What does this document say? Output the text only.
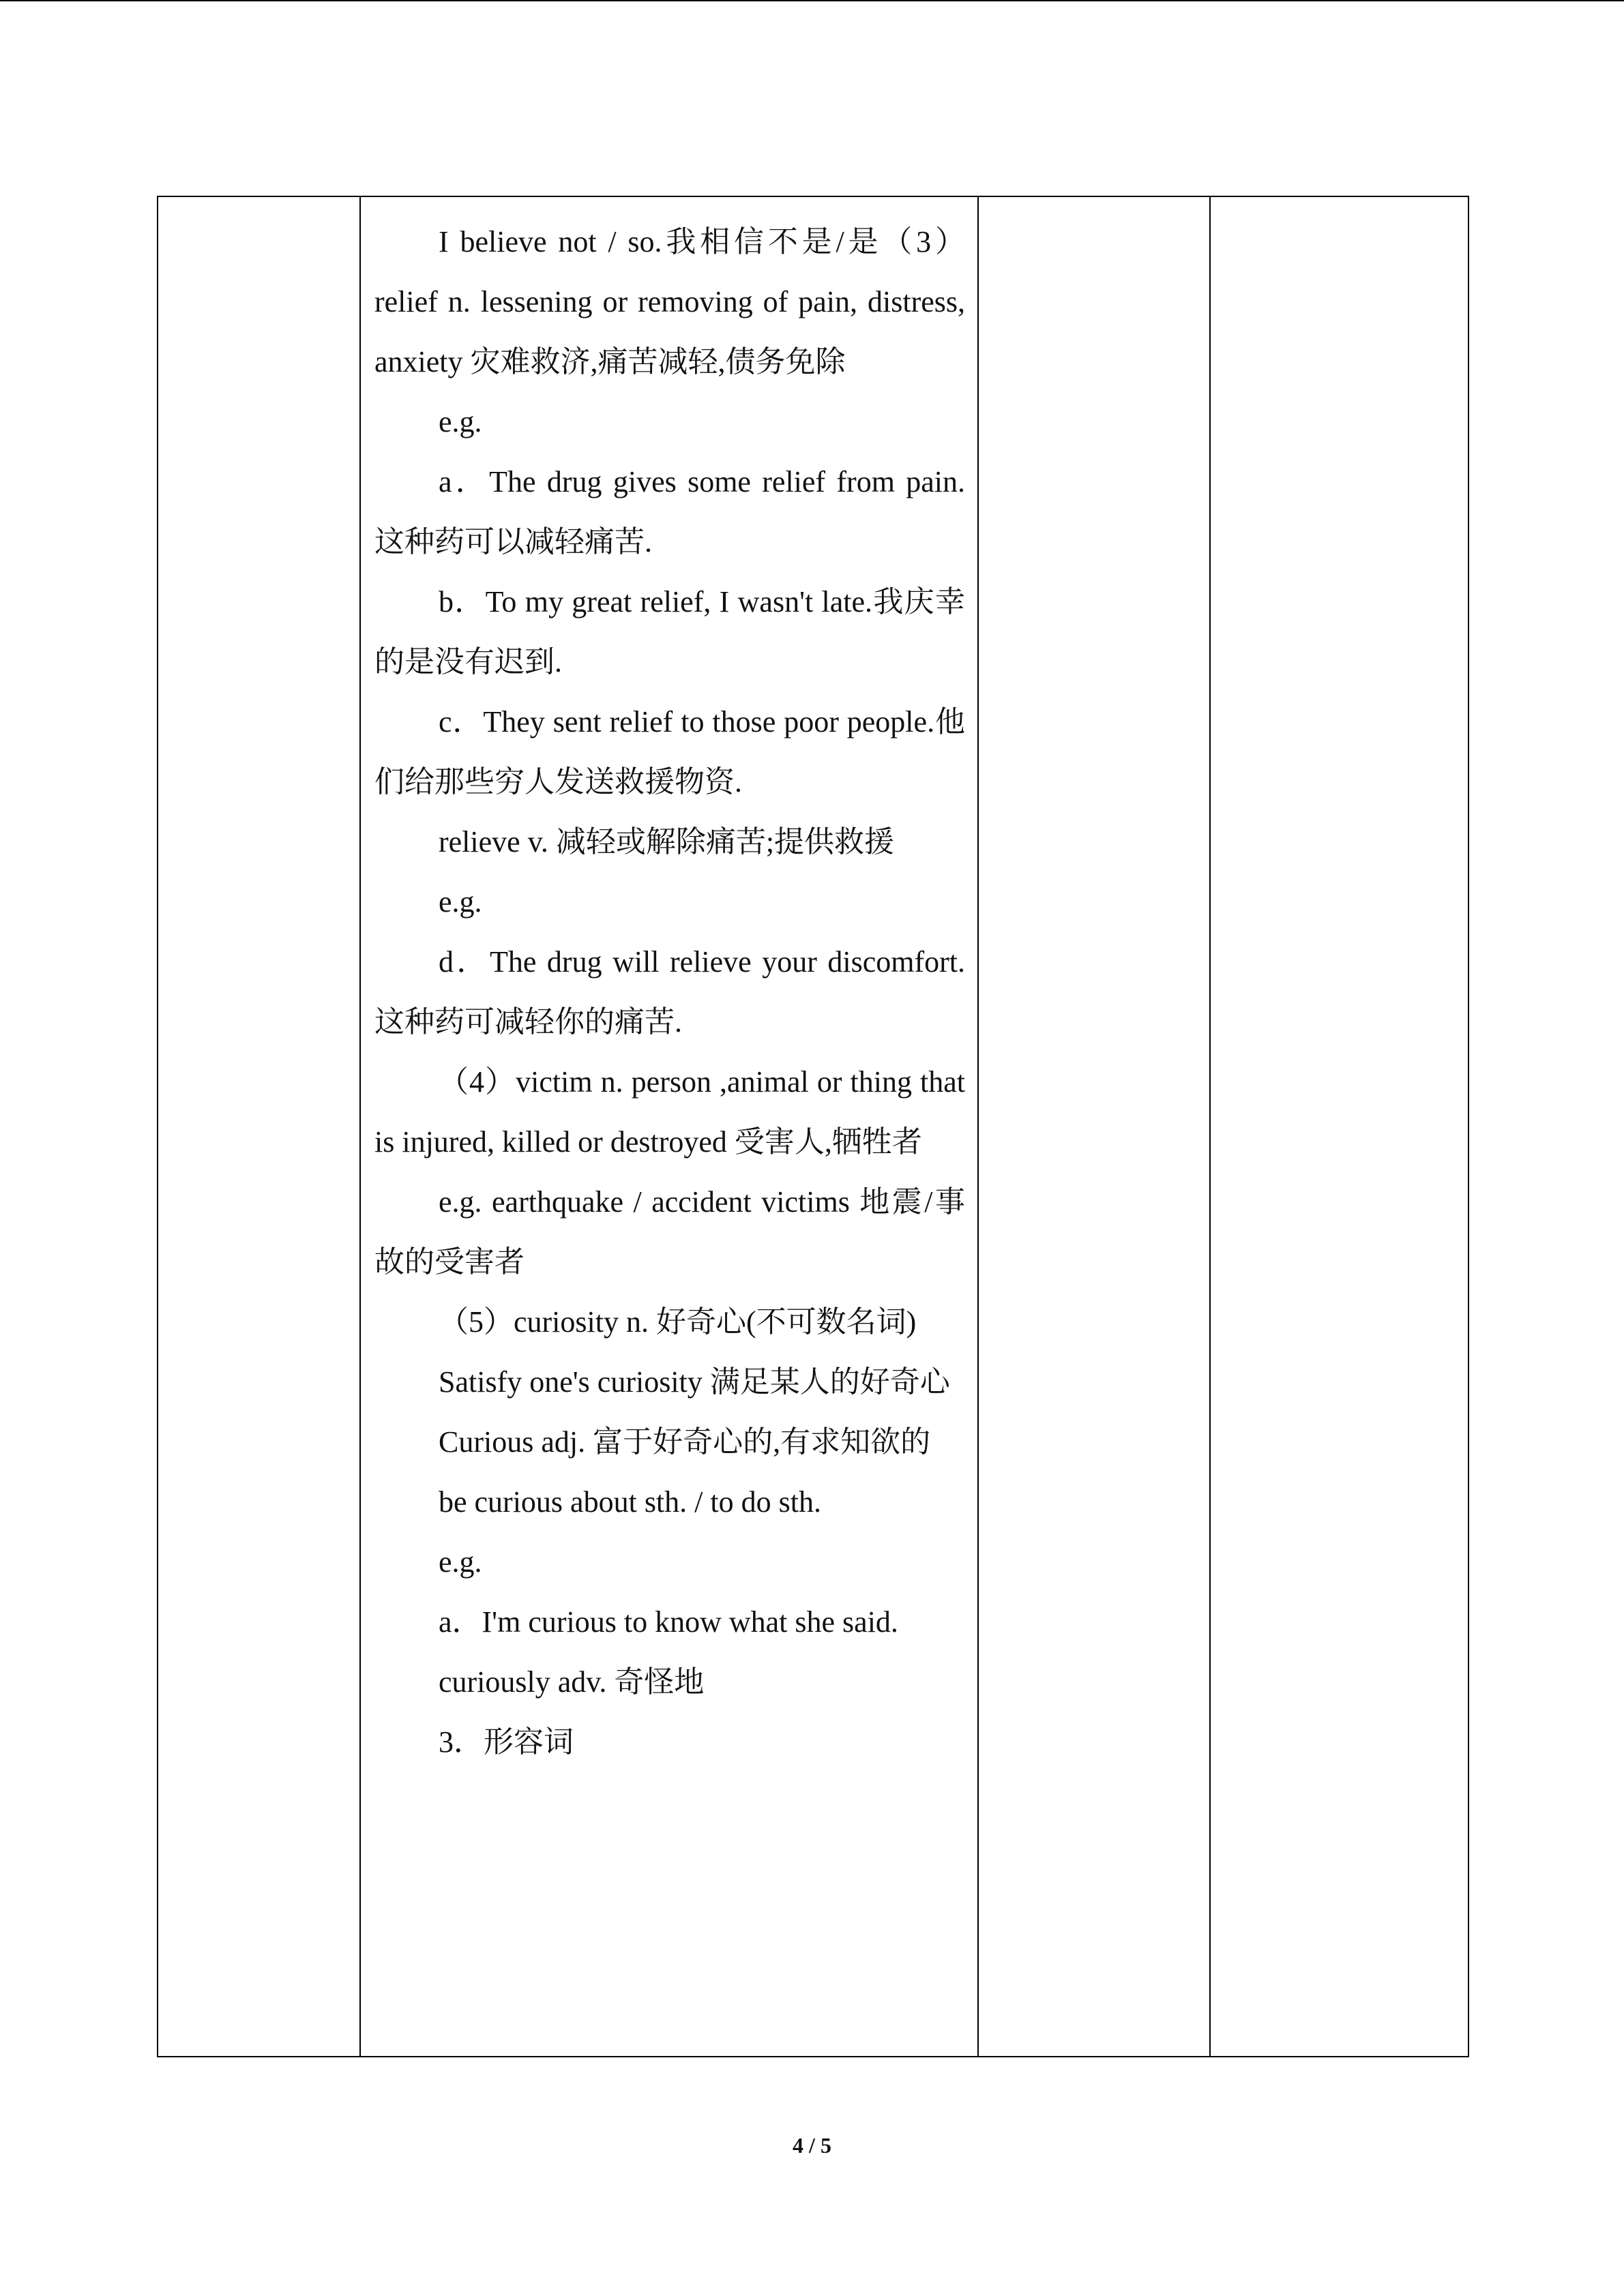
I believe not / so.我相信不是/是（3）relief n. lessening or removing of pain, distress, anxiety 灾难救济,痛苦减轻,债务免除

e.g.

a．The drug gives some relief from pain.这种药可以减轻痛苦.

b．To my great relief, I wasn't late.我庆幸的是没有迟到.

c．They sent relief to those poor people.他们给那些穷人发送救援物资.

relieve v. 减轻或解除痛苦;提供救援

e.g.

d．The drug will relieve your discomfort.这种药可减轻你的痛苦.

（4）victim n. person ,animal or thing that is injured, killed or destroyed 受害人,牺牲者

e.g. earthquake / accident victims 地震/事故的受害者

（5）curiosity n. 好奇心(不可数名词)

Satisfy one's curiosity 满足某人的好奇心

Curious adj. 富于好奇心的,有求知欲的

be curious about sth. / to do sth.

e.g.

a．I'm curious to know what she said.

curiously adv. 奇怪地

3．形容词

4 / 5
